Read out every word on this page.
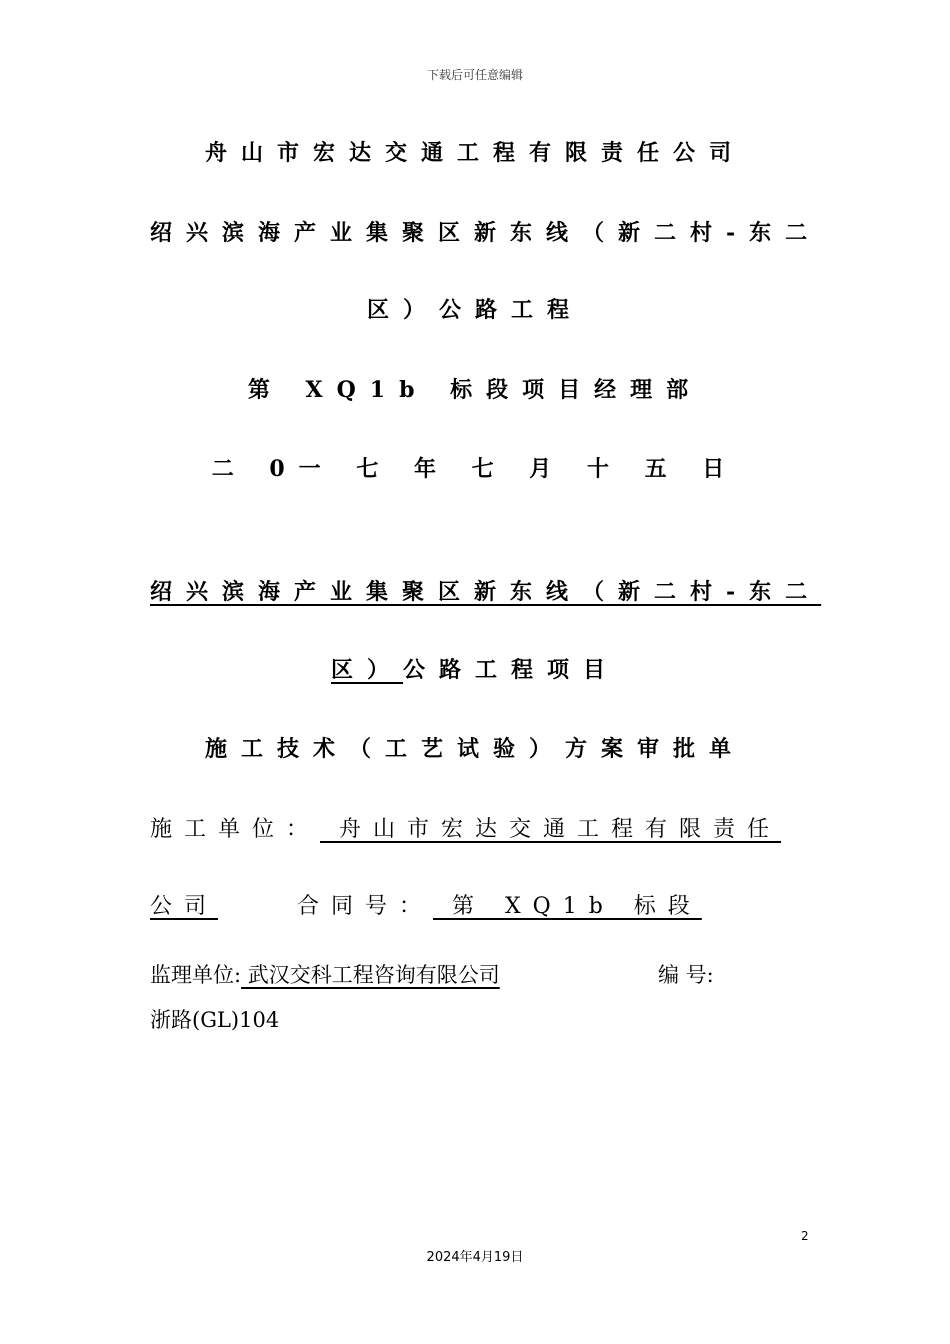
下载后可任意编辑
舟山市宏达交通工程有限责任公司
绍兴滨海产业集聚区新东线（新二村-东二
区）公路工程
第 XQ1b 标段项目经理部
二 0一 七 年 七 月 十 五 日
绍兴滨海产业集聚区新东线（新二村-东二
区）公路工程项目
施工技术（工艺试验）方案审批单
施工单位： 舟山市宏达交通工程有限责任
公司	合同号： 第 XQ1b 标段
监理单位: 武汉交科工程咨询有限公司	编 号:
浙路(GL)104
2
2024年4月19日
